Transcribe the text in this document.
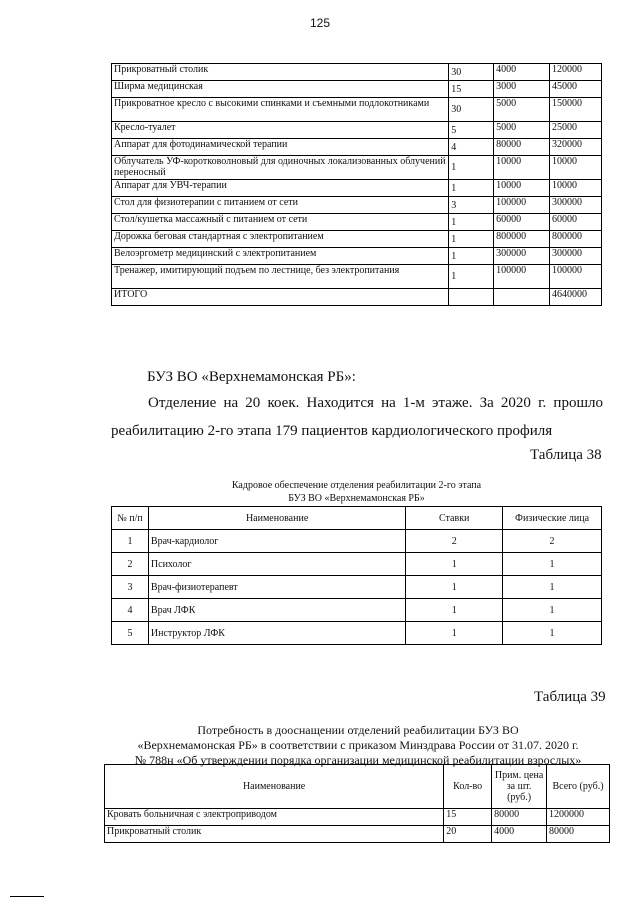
125
Прикроватный столик	30	4000	120000
Ширма медицинская	15	3000	45000
Прикроватное кресло с высокими спинками и съемными подлокотниками	30	5000	150000
Кресло-туалет	5	5000	25000
Аппарат для фотодинамической терапии	4	80000	320000
Облучатель УФ-коротковолновый для одиночных локализованных облучений переносный	1	10000	10000
Аппарат для УВЧ-терапии	1	10000	10000
Стол для физиотерапии с питанием от сети	3	100000	300000
Стол/кушетка массажный с питанием от сети	1	60000	60000
Дорожка беговая стандартная с электропитанием	1	800000	800000
Велоэргометр медицинский с электропитанием	1	300000	300000
Тренажер, имитирующий подъем по лестнице, без электропитания	1	100000	100000
ИТОГО			4640000
БУЗ ВО «Верхнемамонская РБ»:
Отделение на 20 коек. Находится на 1-м этаже. За 2020 г. прошло
реабилитацию 2-го этапа 179 пациентов кардиологического профиля
Таблица 38
Кадровое обеспечение отделения реабилитации 2-го этапа
БУЗ ВО «Верхнемамонская РБ»
№ п/п	Наименование	Ставки	Физические лица
1	Врач-кардиолог	2	2
2	Психолог	1	1
3	Врач-физиотерапевт	1	1
4	Врач ЛФК	1	1
5	Инструктор ЛФК	1	1
Таблица 39
Потребность в дооснащении отделений реабилитации БУЗ ВО
«Верхнемамонская РБ» в соответствии с приказом Минздрава России от 31.07. 2020 г.
№ 788н «Об утверждении порядка организации медицинской реабилитации взрослых»
Наименование	Кол-во	Прим. цена за шт. (руб.)	Всего (руб.)
Кровать больничная с электроприводом	15	80000	1200000
Прикроватный столик	20	4000	80000
